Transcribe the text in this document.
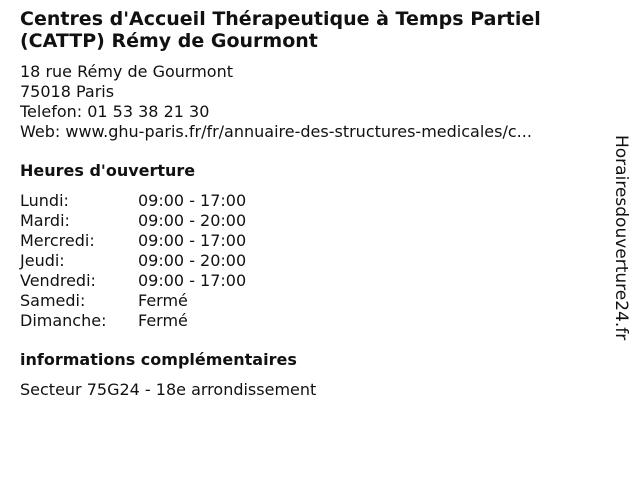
Centres d'Accueil Thérapeutique à Temps Partiel (CATTP) Rémy de Gourmont
18 rue Rémy de Gourmont
75018 Paris
Telefon: 01 53 38 21 30
Web: www.ghu-paris.fr/fr/annuaire-des-structures-medicales/c...
Heures d'ouverture
Lundi:	09:00 - 17:00
Mardi:	09:00 - 20:00
Mercredi:	09:00 - 17:00
Jeudi:	09:00 - 20:00
Vendredi:	09:00 - 17:00
Samedi:	Fermé
Dimanche:	Fermé
informations complémentaires
Secteur 75G24 - 18e arrondissement
Horairesdouverture24.fr
